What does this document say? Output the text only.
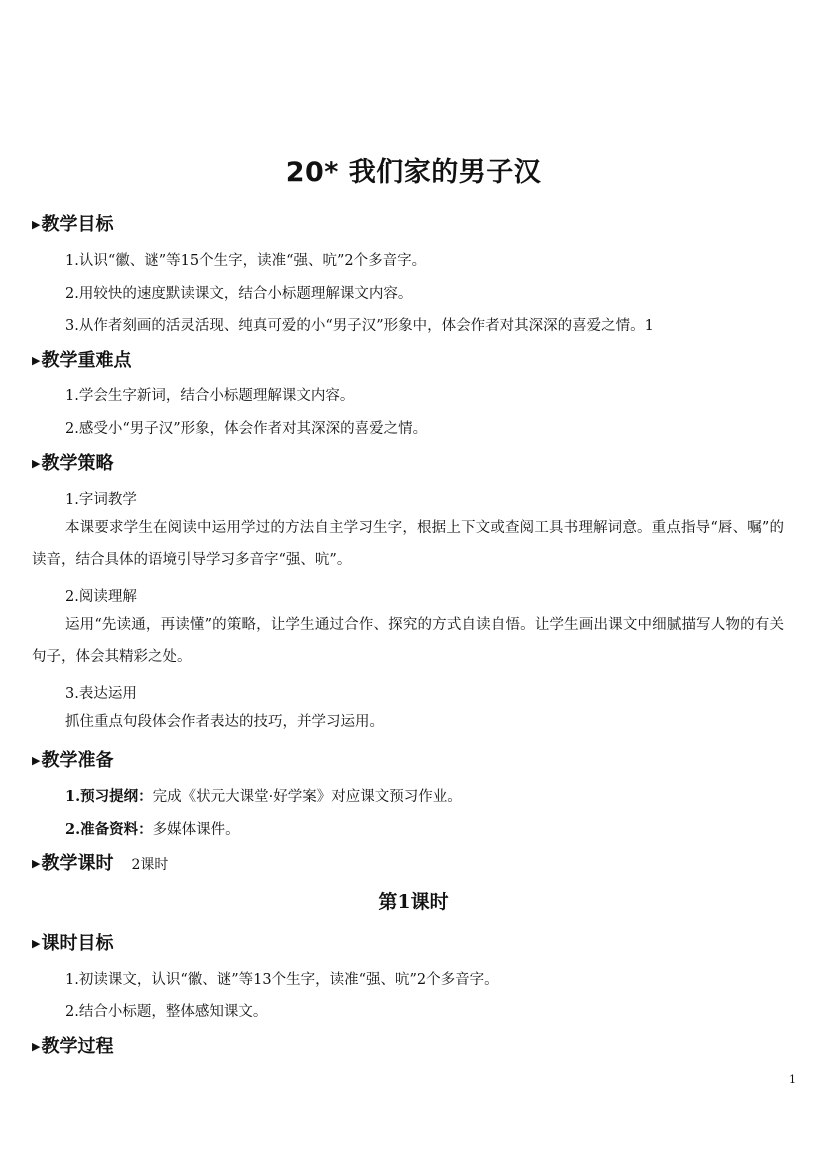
20* 我们家的男子汉
▶教学目标
1.认识“徽、谜”等15个生字，读准“强、吭”2个多音字。
2.用较快的速度默读课文，结合小标题理解课文内容。
3.从作者刻画的活灵活现、纯真可爱的小“男子汉”形象中，体会作者对其深深的喜爱之情。1
▶教学重难点
1.学会生字新词，结合小标题理解课文内容。
2.感受小“男子汉”形象，体会作者对其深深的喜爱之情。
▶教学策略
1.字词教学
本课要求学生在阅读中运用学过的方法自主学习生字，根据上下文或查阅工具书理解词意。重点指导“唇、嘱”的读音，结合具体的语境引导学习多音字“强、吭”。
2.阅读理解
运用“先读通，再读懂”的策略，让学生通过合作、探究的方式自读自悟。让学生画出课文中细腻描写人物的有关句子，体会其精彩之处。
3.表达运用
抓住重点句段体会作者表达的技巧，并学习运用。
▶教学准备
1.预习提纲：完成《状元大课堂·好学案》对应课文预习作业。
2.准备资料：多媒体课件。
▶教学课时 2课时
第1课时
▶课时目标
1.初读课文，认识“徽、谜”等13个生字，读准“强、吭”2个多音字。
2.结合小标题，整体感知课文。
▶教学过程
1
